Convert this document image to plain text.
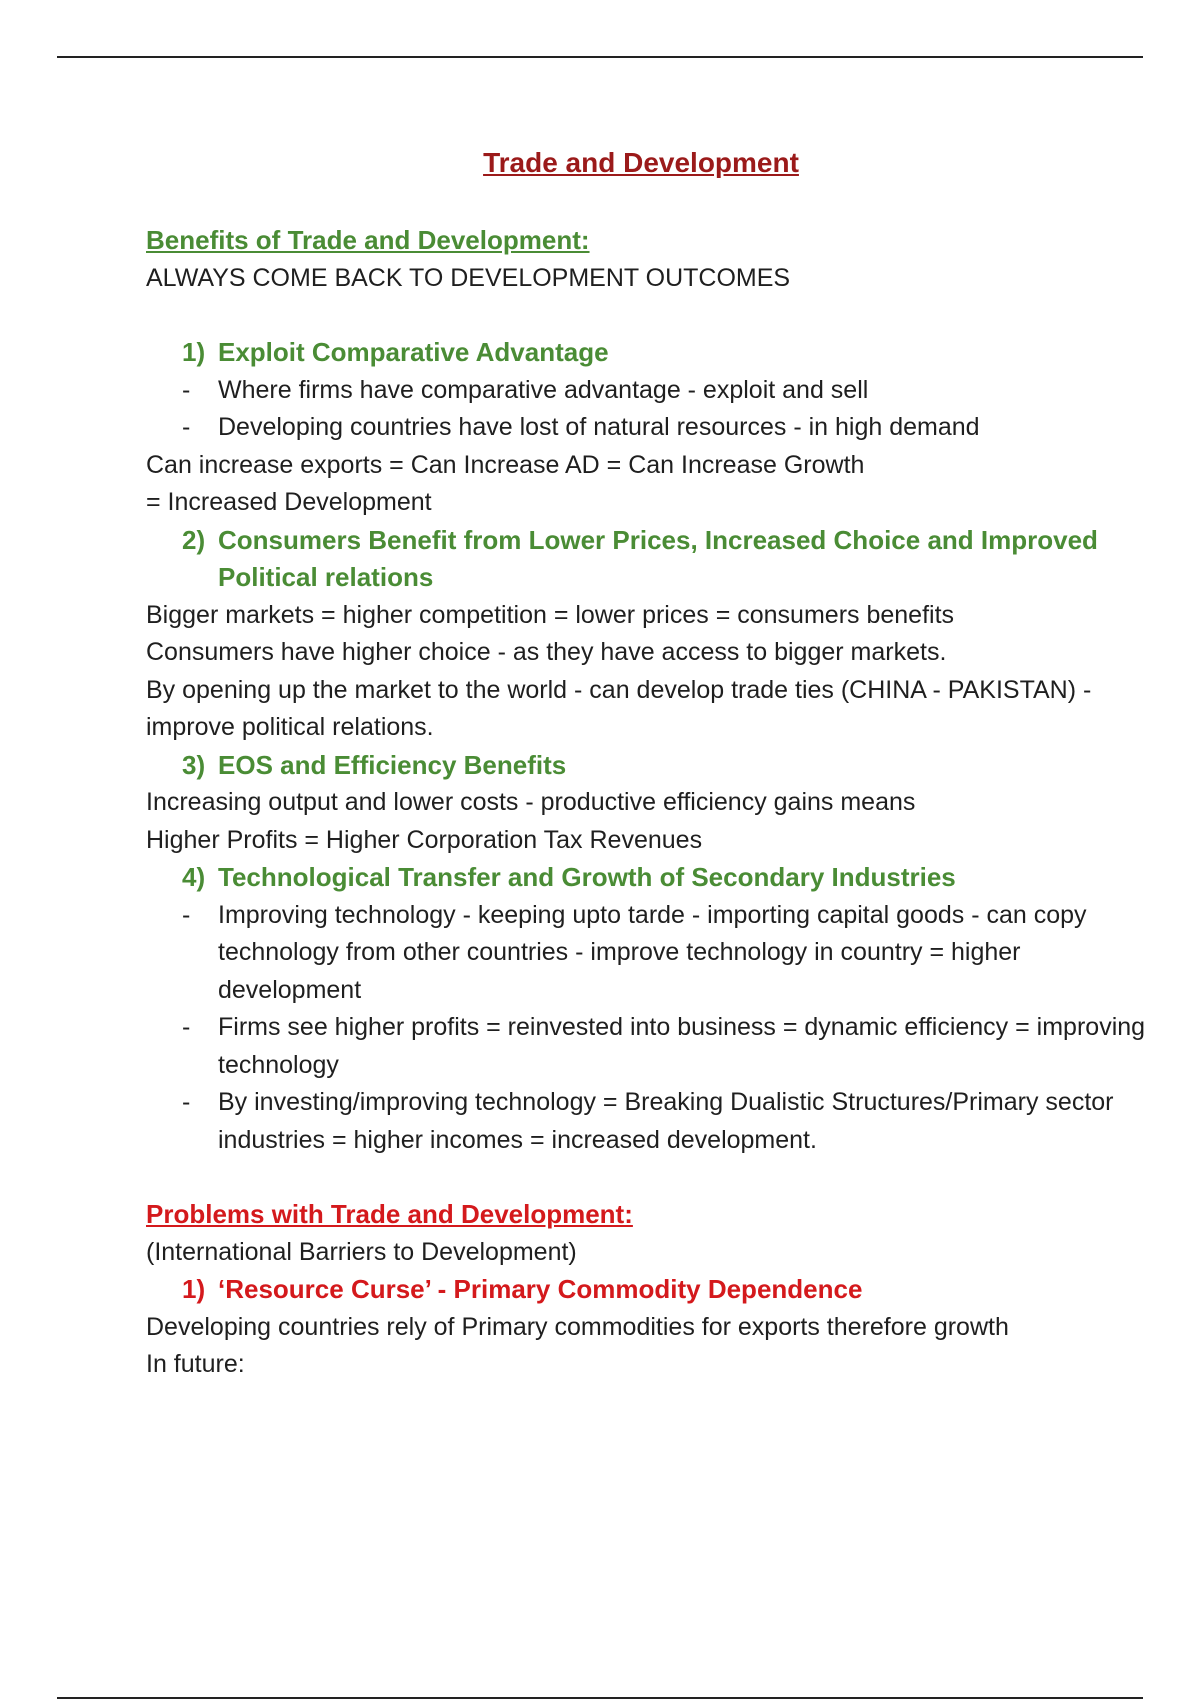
Trade and Development
Benefits of Trade and Development:

ALWAYS COME BACK TO DEVELOPMENT OUTCOMES

1) Exploit Comparative Advantage
- Where firms have comparative advantage - exploit and sell
- Developing countries have lost of natural resources - in high demand

Can increase exports = Can Increase AD = Can Increase Growth

= Increased Development

2) Consumers Benefit from Lower Prices, Increased Choice and Improved Political relations

Bigger markets = higher competition = lower prices = consumers benefits

Consumers have higher choice - as they have access to bigger markets.

By opening up the market to the world - can develop trade ties (CHINA - PAKISTAN) - improve political relations.

3) EOS and Efficiency Benefits

Increasing output and lower costs - productive efficiency gains means

Higher Profits = Higher Corporation Tax Revenues

4) Technological Transfer and Growth of Secondary Industries
- Improving technology - keeping upto tarde - importing capital goods - can copy technology from other countries - improve technology in country = higher development
- Firms see higher profits = reinvested into business = dynamic efficiency = improving technology
- By investing/improving technology = Breaking Dualistic Structures/Primary sector industries = higher incomes = increased development.
Problems with Trade and Development:

(International Barriers to Development)

1) ‘Resource Curse’ - Primary Commodity Dependence

Developing countries rely of Primary commodities for exports therefore growth

In future:
